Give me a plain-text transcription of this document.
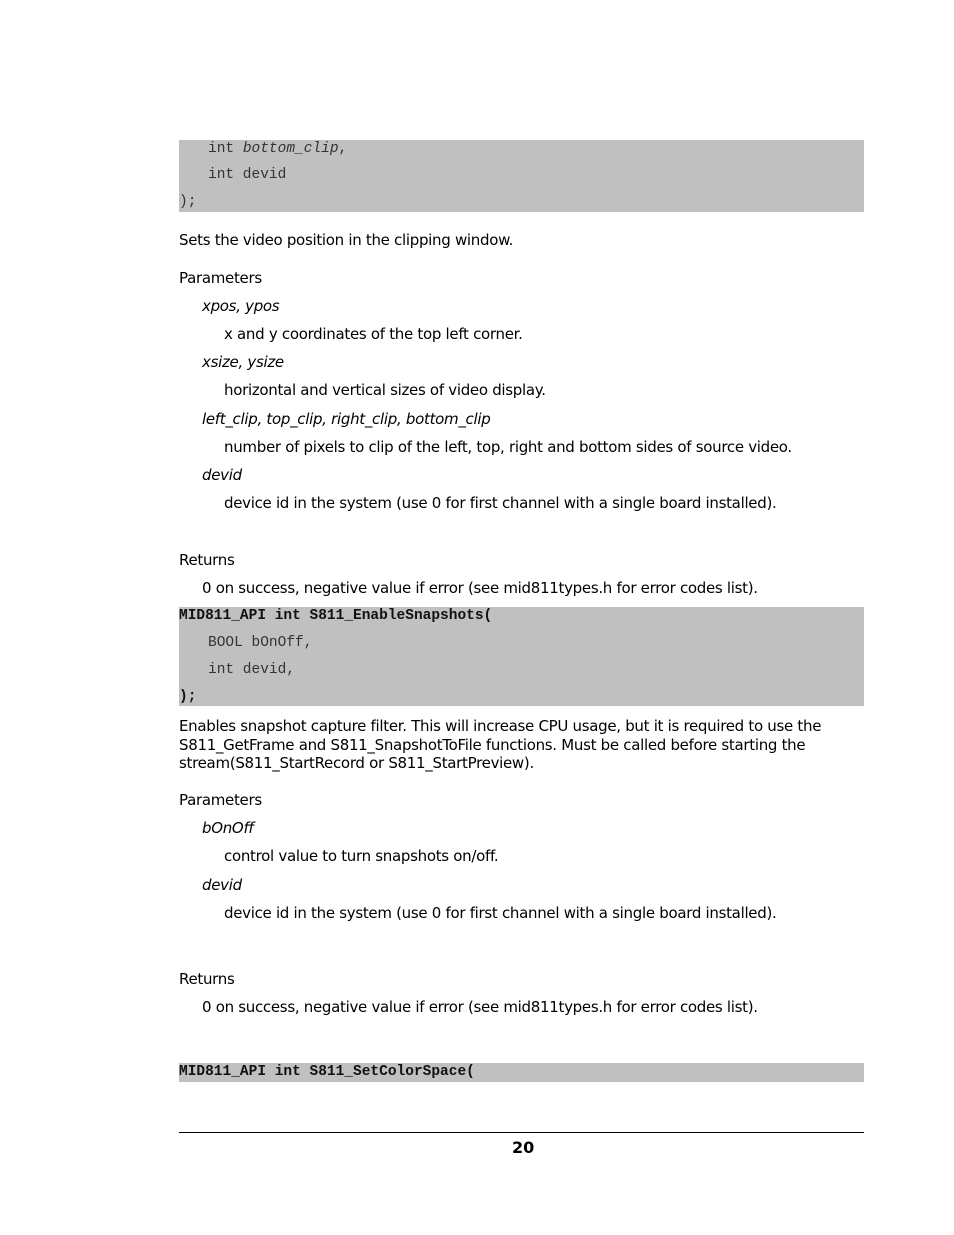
int bottom_clip,
int devid
);
Sets the video position in the clipping window.
Parameters
xpos, ypos
x and y coordinates of the top left corner.
xsize, ysize
horizontal and vertical sizes of video display.
left_clip, top_clip, right_clip, bottom_clip
number of pixels to clip of the left, top, right and bottom sides of source video.
devid
device id in the system (use 0 for first channel with a single board installed).
Returns
0 on success, negative value if error (see mid811types.h for error codes list).
MID811_API int S811_EnableSnapshots(
BOOL bOnOff,
int devid,
);
Enables snapshot capture filter. This will increase CPU usage, but it is required to use the S811_GetFrame and S811_SnapshotToFile functions. Must be called before starting the stream(S811_StartRecord or S811_StartPreview).
Parameters
bOnOff
control value to turn snapshots on/off.
devid
device id in the system (use 0 for first channel with a single board installed).
Returns
0 on success, negative value if error (see mid811types.h for error codes list).
MID811_API int S811_SetColorSpace(
20
